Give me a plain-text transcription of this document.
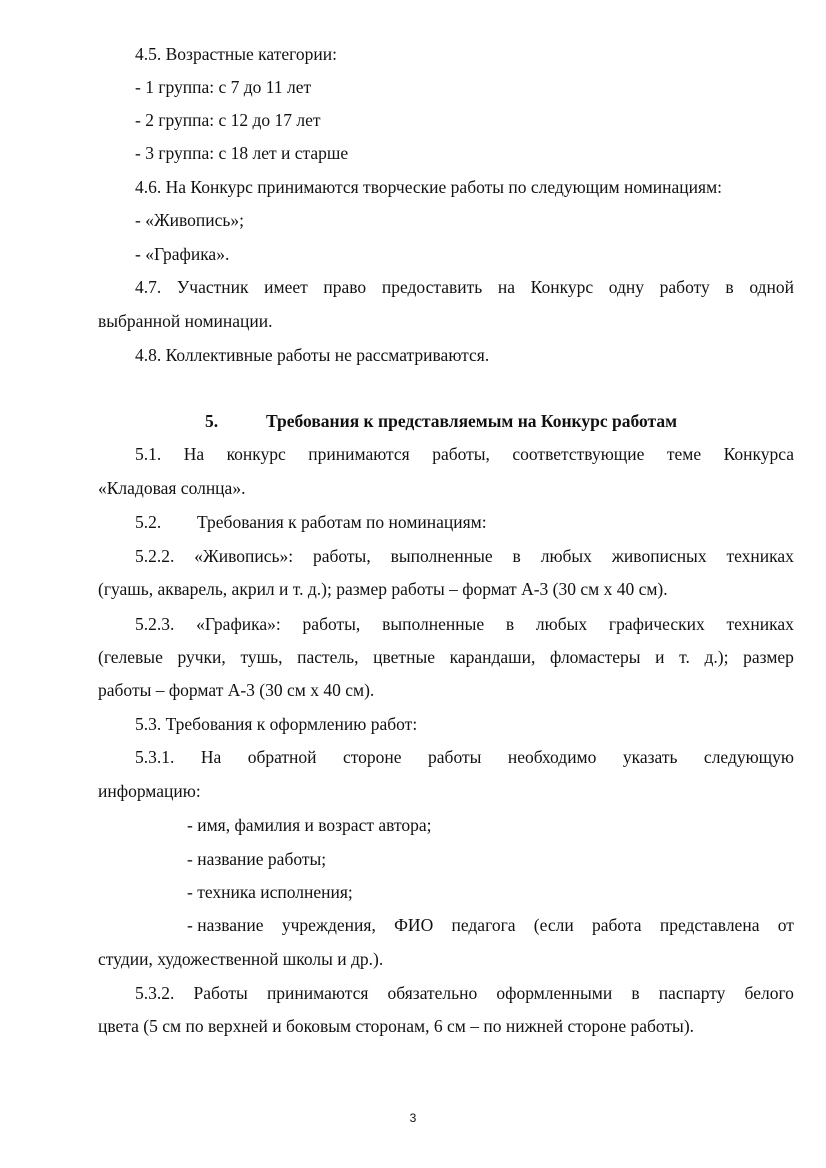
4.5. Возрастные категории:
- 1 группа: с 7 до 11 лет
- 2 группа: с 12 до 17 лет
- 3 группа: с 18 лет и старше
4.6. На Конкурс принимаются творческие работы по следующим номинациям:
- «Живопись»;
- «Графика».
4.7. Участник имеет право предоставить на Конкурс одну работу в одной
выбранной номинации.
4.8. Коллективные работы не рассматриваются.
5.	Требования к представляемым на Конкурс работам
5.1. На конкурс принимаются работы, соответствующие теме Конкурса
«Кладовая солнца».
5.2. Требования к работам по номинациям:
5.2.2. «Живопись»: работы, выполненные в любых живописных техниках
(гуашь, акварель, акрил и т. д.); размер работы – формат А-3 (30 см х 40 см).
5.2.3. «Графика»: работы, выполненные в любых графических техниках
(гелевые ручки, тушь, пастель, цветные карандаши, фломастеры и т. д.); размер
работы – формат А-3 (30 см х 40 см).
5.3. Требования к оформлению работ:
5.3.1. На обратной стороне работы необходимо указать следующую
информацию:
- имя, фамилия и возраст автора;
- название работы;
- техника исполнения;
- название учреждения, ФИО педагога (если работа представлена от
студии, художественной школы и др.).
5.3.2. Работы принимаются обязательно оформленными в паспарту белого
цвета (5 см по верхней и боковым сторонам, 6 см – по нижней стороне работы).
3
